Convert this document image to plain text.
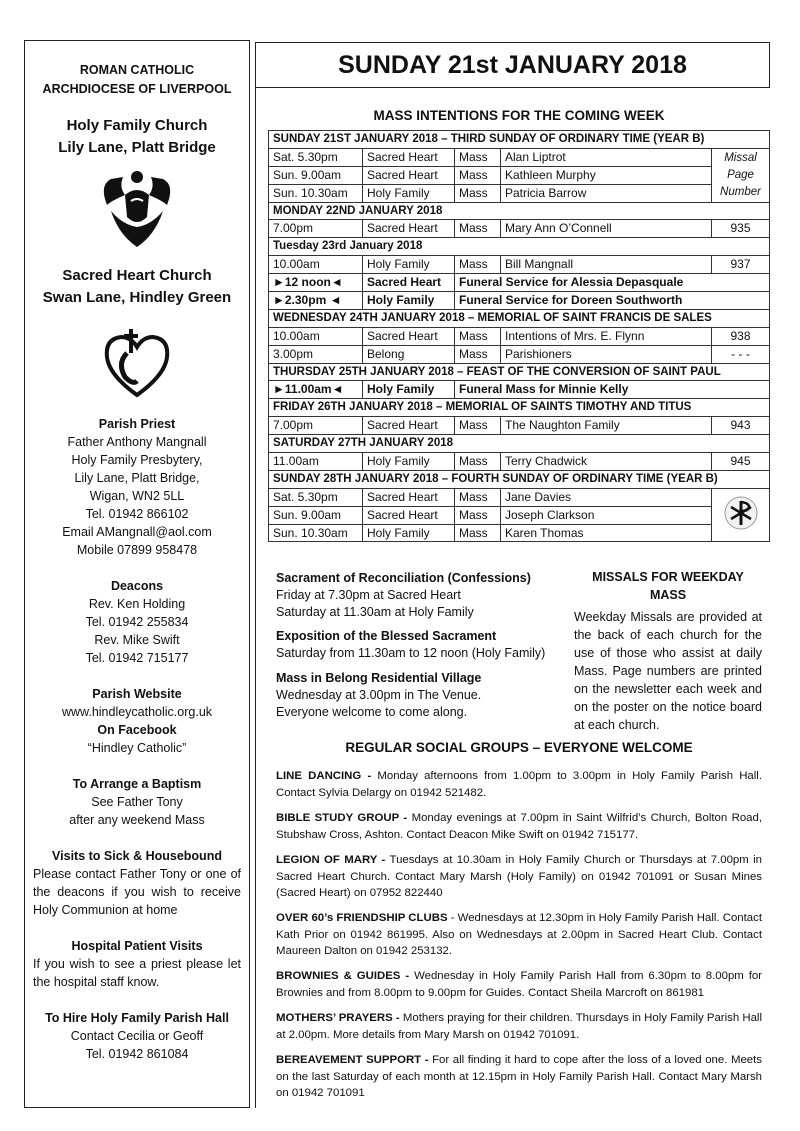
ROMAN CATHOLIC
ARCHDIOCESE OF LIVERPOOL
Holy Family Church
Lily Lane, Platt Bridge
Sacred Heart Church
Swan Lane, Hindley Green
Parish Priest
Father Anthony Mangnall
Holy Family Presbytery,
Lily Lane, Platt Bridge,
Wigan, WN2 5LL
Tel. 01942 866102
Email AMangnall@aol.com
Mobile 07899 958478
Deacons
Rev. Ken Holding
Tel. 01942 255834
Rev. Mike Swift
Tel. 01942 715177
Parish Website
www.hindleycatholic.org.uk
On Facebook
“Hindley Catholic”
To Arrange a Baptism
See Father Tony
after any weekend Mass
Visits to Sick & Housebound
Please contact Father Tony or one of the deacons if you wish to receive Holy Communion at home
Hospital Patient Visits
If you wish to see a priest please let the hospital staff know.
To Hire Holy Family Parish Hall
Contact Cecilia or Geoff
Tel. 01942 861084
SUNDAY 21st JANUARY 2018
MASS INTENTIONS FOR THE COMING WEEK
SUNDAY 21ST JANUARY 2018 – THIRD SUNDAY OF ORDINARY TIME (YEAR B)				
Sat. 5.30pm	Sacred Heart	Mass	Alan Liptrot	Missal
Page
Number

Sun. 9.00am	Sacred Heart	Mass	Kathleen Murphy	
Sun. 10.30am	Holy Family	Mass	Patricia Barrow	
MONDAY 22ND JANUARY 2018				
7.00pm	Sacred Heart	Mass	Mary Ann O’Connell	935
Tuesday 23rd January 2018				
10.00am	Holy Family	Mass	Bill Mangnall	937
►12 noon◄	Sacred Heart	Funeral Service for Alessia Depasquale		
►2.30pm ◄	Holy Family	Funeral Service for Doreen Southworth		
WEDNESDAY 24TH JANUARY 2018 – MEMORIAL OF SAINT FRANCIS DE SALES				
10.00am	Sacred Heart	Mass	Intentions of Mrs. E. Flynn	938
3.00pm	Belong	Mass	Parishioners	- - -
THURSDAY 25TH JANUARY 2018 – FEAST OF THE CONVERSION OF SAINT PAUL				
►11.00am◄	Holy Family	Funeral Mass for Minnie Kelly		
FRIDAY 26TH JANUARY 2018 – MEMORIAL OF SAINTS TIMOTHY AND TITUS				
7.00pm	Sacred Heart	Mass	The Naughton Family	943
SATURDAY 27TH JANUARY 2018				
11.00am	Holy Family	Mass	Terry Chadwick	945
SUNDAY 28TH JANUARY 2018 – FOURTH SUNDAY OF ORDINARY TIME (YEAR B)				
Sat. 5.30pm	Sacred Heart	Mass	Jane Davies	
Sun. 9.00am	Sacred Heart	Mass	Joseph Clarkson	
Sun. 10.30am	Holy Family	Mass	Karen Thomas	
Sacrament of Reconciliation (Confessions)
Friday at 7.30pm at Sacred Heart
Saturday at 11.30am at Holy Family
Exposition of the Blessed Sacrament
Saturday from 11.30am to 12 noon (Holy Family)
Mass in Belong Residential Village
Wednesday at 3.00pm in The Venue.
Everyone welcome to come along.
MISSALS FOR WEEKDAY MASS
Weekday Missals are provided at the back of each church for the use of those who assist at daily Mass. Page numbers are printed on the newsletter each week and on the poster on the notice board at each church.
REGULAR SOCIAL GROUPS – EVERYONE WELCOME
LINE DANCING - Monday afternoons from 1.00pm to 3.00pm in Holy Family Parish Hall. Contact Sylvia Delargy on 01942 521482.
BIBLE STUDY GROUP - Monday evenings at 7.00pm in Saint Wilfrid’s Church, Bolton Road, Stubshaw Cross, Ashton. Contact Deacon Mike Swift on 01942 715177.
LEGION OF MARY - Tuesdays at 10.30am in Holy Family Church or Thursdays at 7.00pm in Sacred Heart Church. Contact Mary Marsh (Holy Family) on 01942 701091 or Susan Mines (Sacred Heart) on 07952 822440
OVER 60’s FRIENDSHIP CLUBS - Wednesdays at 12.30pm in Holy Family Parish Hall. Contact Kath Prior on 01942 861995. Also on Wednesdays at 2.00pm in Sacred Heart Club. Contact Maureen Dalton on 01942 253132.
BROWNIES & GUIDES - Wednesday in Holy Family Parish Hall from 6.30pm to 8.00pm for Brownies and from 8.00pm to 9.00pm for Guides. Contact Sheila Marcroft on 861981
MOTHERS’ PRAYERS - Mothers praying for their children. Thursdays in Holy Family Parish Hall at 2.00pm. More details from Mary Marsh on 01942 701091.
BEREAVEMENT SUPPORT - For all finding it hard to cope after the loss of a loved one. Meets on the last Saturday of each month at 12.15pm in Holy Family Parish Hall. Contact Mary Marsh on 01942 701091
